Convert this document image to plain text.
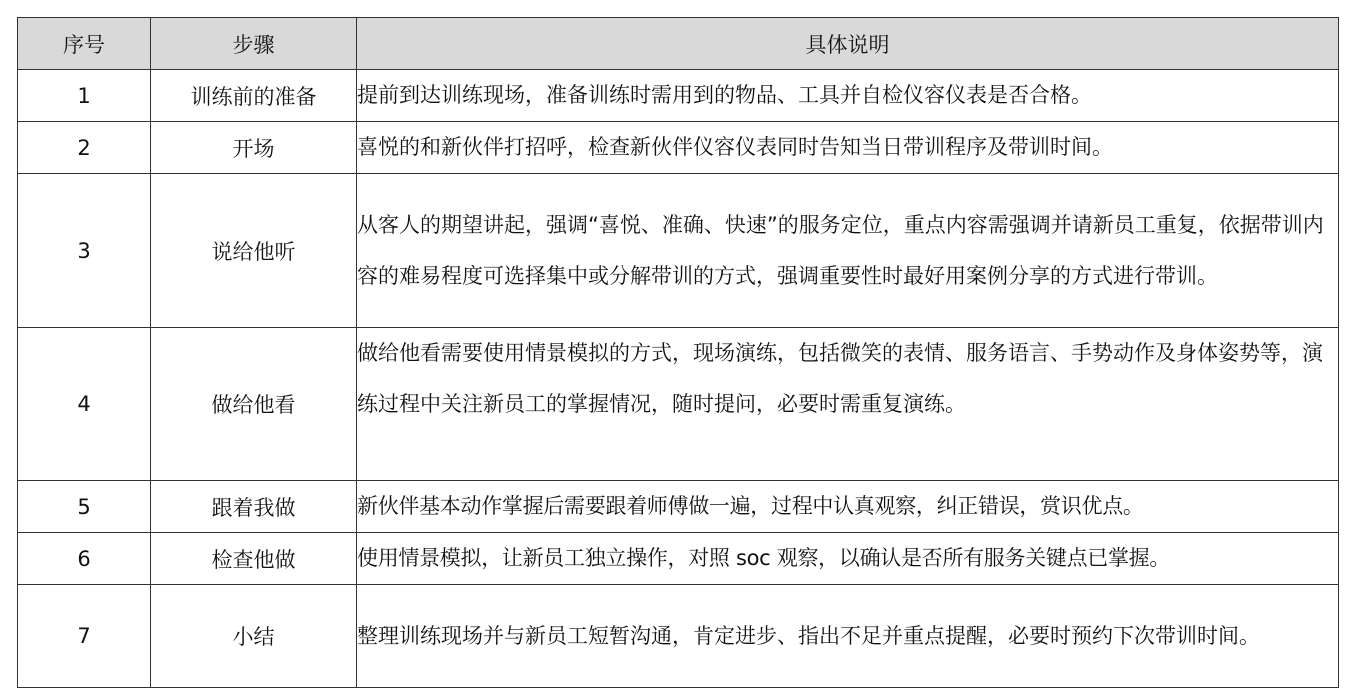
序号	步骤	具体说明
1	训练前的准备	提前到达训练现场，准备训练时需用到的物品、工具并自检仪容仪表是否合格。
2	开场	喜悦的和新伙伴打招呼，检查新伙伴仪容仪表同时告知当日带训程序及带训时间。
3	说给他听	从客人的期望讲起，强调“喜悦、准确、快速”的服务定位，重点内容需强调并请新员工重复，依据带训内容的难易程度可选择集中或分解带训的方式，强调重要性时最好用案例分享的方式进行带训。
4	做给他看	做给他看需要使用情景模拟的方式，现场演练，包括微笑的表情、服务语言、手势动作及身体姿势等，演练过程中关注新员工的掌握情况，随时提问，必要时需重复演练。
5	跟着我做	新伙伴基本动作掌握后需要跟着师傅做一遍，过程中认真观察，纠正错误，赏识优点。
6	检查他做	使用情景模拟，让新员工独立操作，对照 soc 观察，以确认是否所有服务关键点已掌握。
7	小结	整理训练现场并与新员工短暂沟通，肯定进步、指出不足并重点提醒，必要时预约下次带训时间。
